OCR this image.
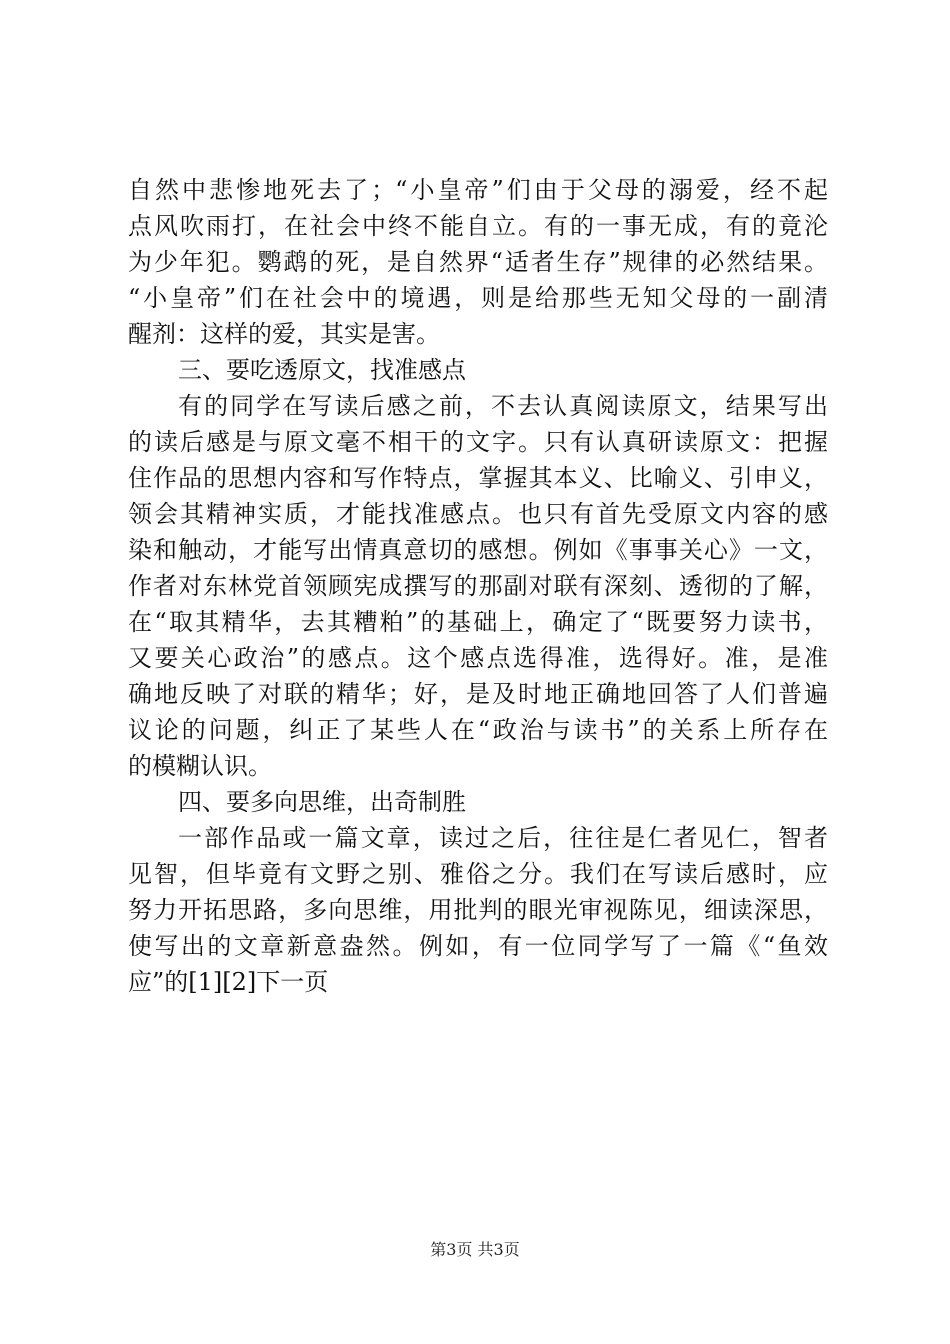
自然中悲惨地死去了；“小皇帝”们由于父母的溺爱，经不起
点风吹雨打，在社会中终不能自立。有的一事无成，有的竟沦
为少年犯。鹦鹉的死，是自然界“适者生存”规律的必然结果。
“小皇帝”们在社会中的境遇，则是给那些无知父母的一副清
醒剂：这样的爱，其实是害。
三、要吃透原文，找准感点
有的同学在写读后感之前，不去认真阅读原文，结果写出
的读后感是与原文毫不相干的文字。只有认真研读原文：把握
住作品的思想内容和写作特点，掌握其本义、比喻义、引申义，
领会其精神实质，才能找准感点。也只有首先受原文内容的感
染和触动，才能写出情真意切的感想。例如《事事关心》一文，
作者对东林党首领顾宪成撰写的那副对联有深刻、透彻的了解，
在“取其精华，去其糟粕”的基础上，确定了“既要努力读书，
又要关心政治”的感点。这个感点选得准，选得好。准，是准
确地反映了对联的精华；好，是及时地正确地回答了人们普遍
议论的问题，纠正了某些人在“政治与读书”的关系上所存在
的模糊认识。
四、要多向思维，出奇制胜
一部作品或一篇文章，读过之后，往往是仁者见仁，智者
见智，但毕竟有文野之别、雅俗之分。我们在写读后感时，应
努力开拓思路，多向思维，用批判的眼光审视陈见，细读深思，
使写出的文章新意盎然。例如，有一位同学写了一篇《“鱼效
应”的[1][2]下一页
第3页 共3页
